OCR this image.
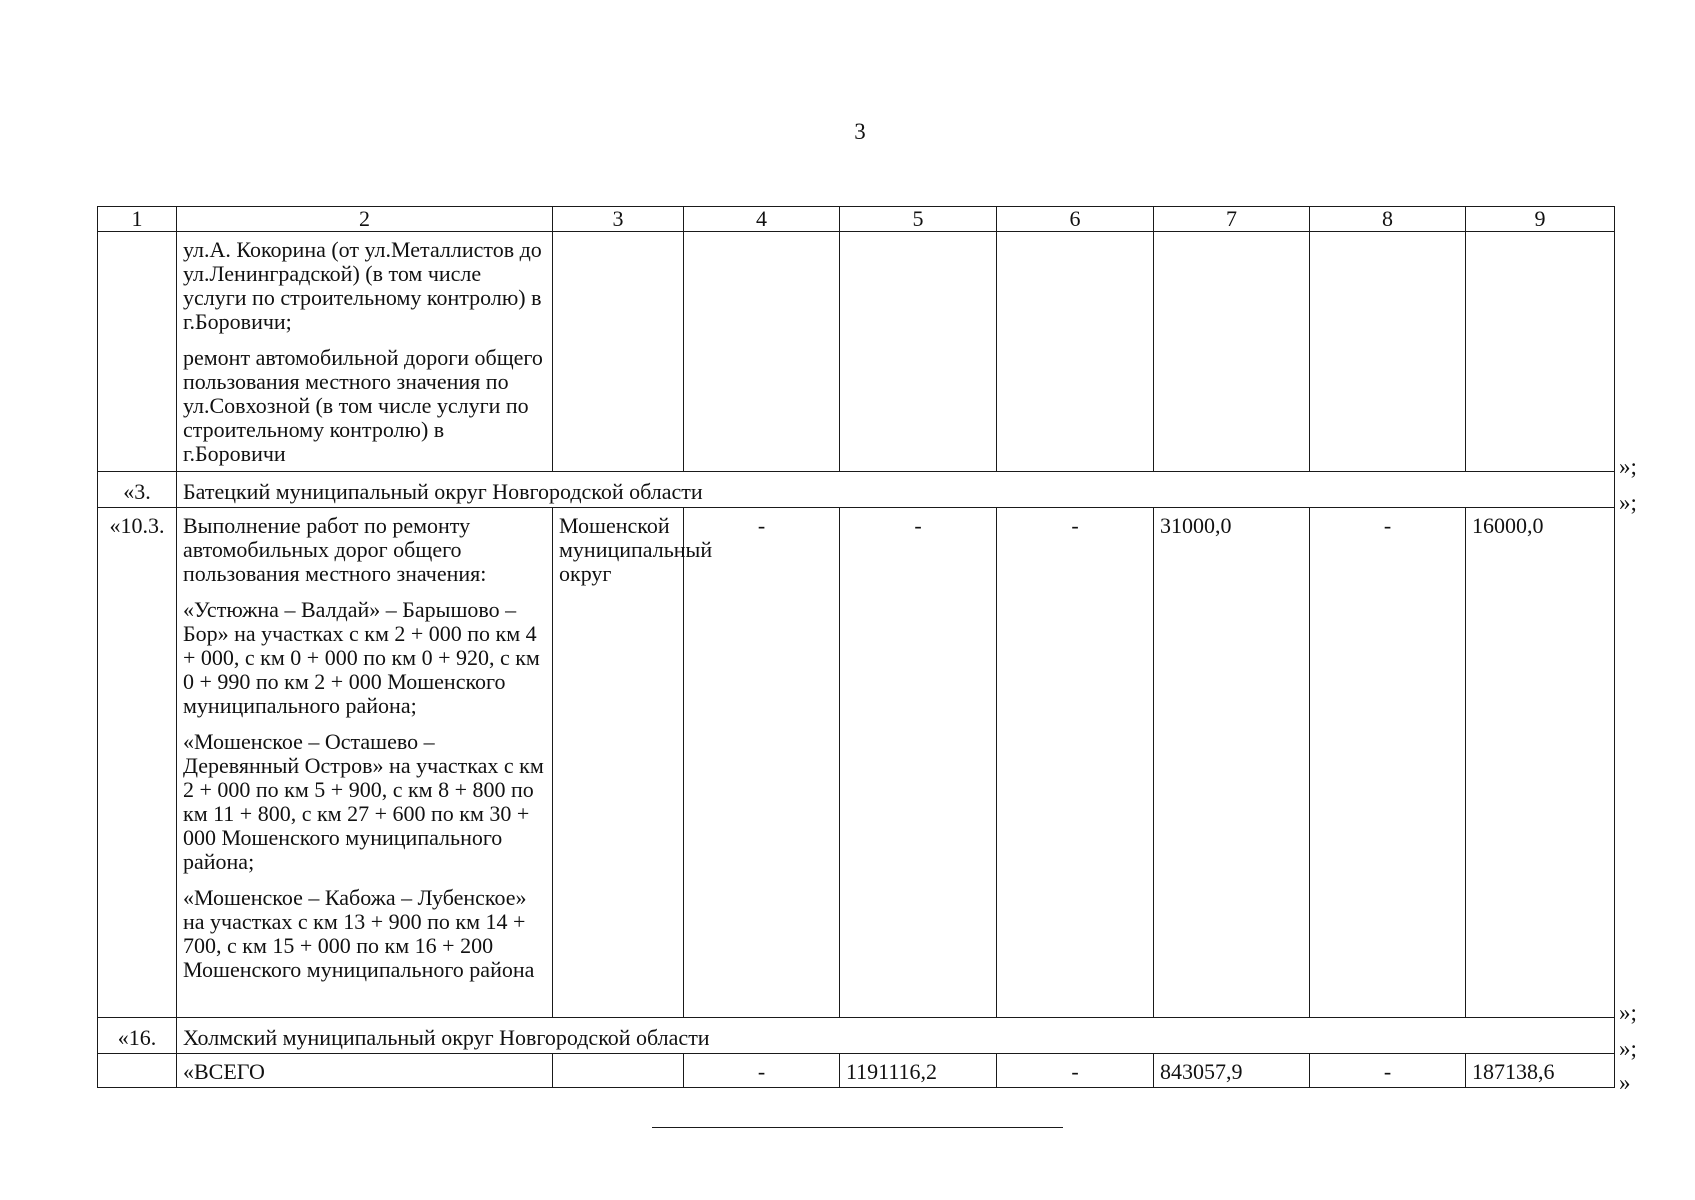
3
1	2	3	4	5	6	7	8	9

	ул.А. Кокорина (от ул.Металлистов до ул.Ленинградской) (в том числе услуги по строительному контролю) в г.Боровичи;

ремонт автомобильной дороги общего пользования местного значения по ул.Совхозной (в том числе услуги по строительному контролю) в г.Боровичи							

«3.	Батецкий муниципальный округ Новгородской области							
«10.3.	Выполнение работ по ремонту автомобильных дорог общего пользования местного значения:

«Устюжна – Валдай» – Барышово – Бор» на участках с км 2 + 000 по км 4 + 000, с км 0 + 000 по км 0 + 920, с км 0 + 990 по км 2 + 000 Мошенского муниципального района;

«Мошенское – Осташево –Деревянный Остров» на участках с км 2 + 000 по км 5 + 900, с км 8 + 800 по км 11 + 800, с км 27 + 600 по км 30 + 000 Мошенского муниципального района;

«Мошенское – Кабожа – Лубенское» на участках с км 13 + 900 по км 14 + 700, с км 15 + 000 по км 16 + 200 Мошенского муниципального района	Мошенской муниципальный округ	-	-	-	31000,0	-	16000,0
«16.	Холмский муниципальный округ Новгородской области							
	«ВСЕГО		-	1191116,2	-	843057,9	-	187138,6
»;
»;
»;
»;
»
